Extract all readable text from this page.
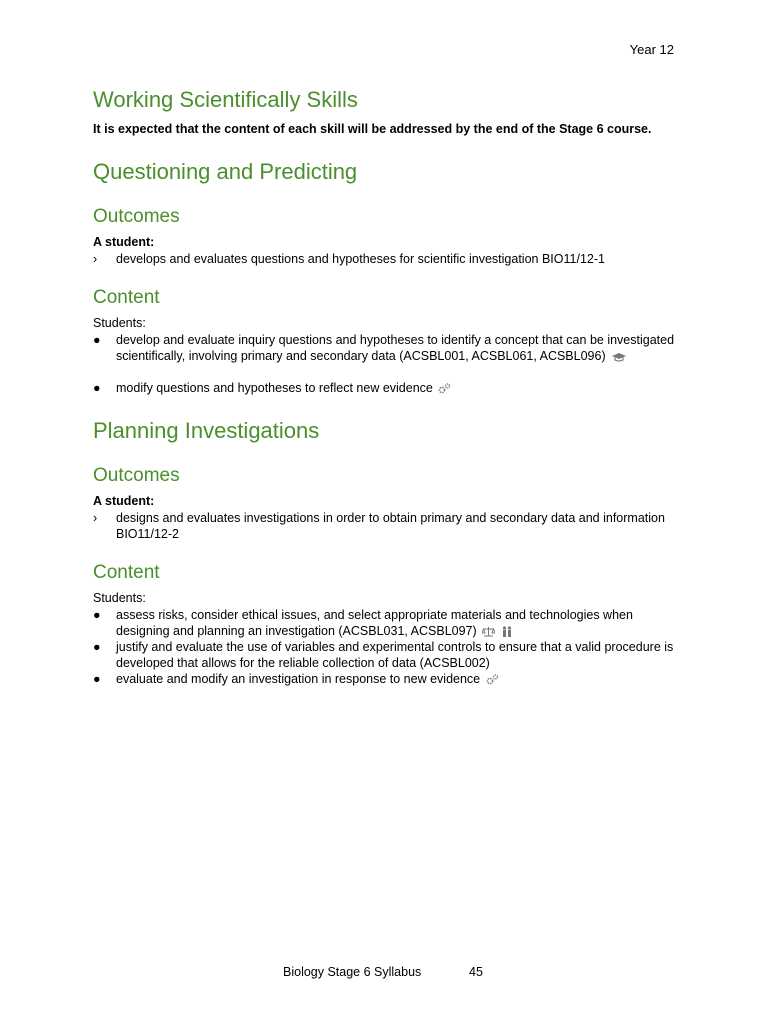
Year 12
Working Scientifically Skills
It is expected that the content of each skill will be addressed by the end of the Stage 6 course.
Questioning and Predicting
Outcomes
A student:
› develops and evaluates questions and hypotheses for scientific investigation BIO11/12-1
Content
Students:
● develop and evaluate inquiry questions and hypotheses to identify a concept that can be investigated scientifically, involving primary and secondary data (ACSBL001, ACSBL061, ACSBL096)
● modify questions and hypotheses to reflect new evidence
Planning Investigations
Outcomes
A student:
› designs and evaluates investigations in order to obtain primary and secondary data and information BIO11/12-2
Content
Students:
● assess risks, consider ethical issues, and select appropriate materials and technologies when designing and planning an investigation (ACSBL031, ACSBL097)
● justify and evaluate the use of variables and experimental controls to ensure that a valid procedure is developed that allows for the reliable collection of data (ACSBL002)
● evaluate and modify an investigation in response to new evidence
Biology Stage 6 Syllabus	45
